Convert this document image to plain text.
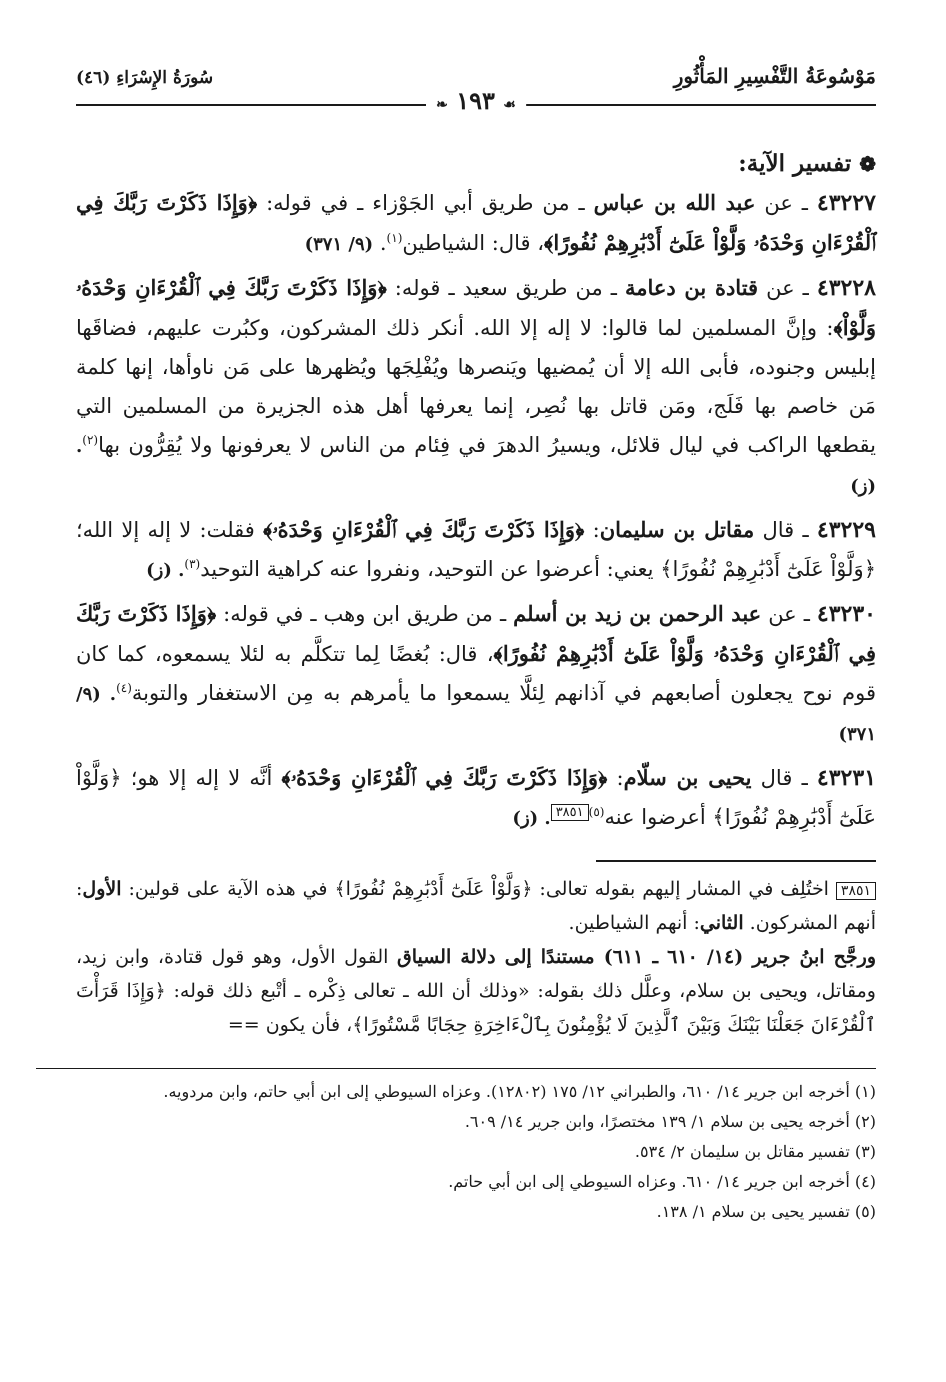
مَوْسُوعَةُ التَّفْسِيرِ المَأْثُورِ
سُورَةُ الإِسْرَاءِ (٤٦)
❧ ١٩٣ ☙
❁تفسير الآية:

٤٣٢٢٧ ـ عن عبد الله بن عباس ـ من طريق أبي الجَوْزاء ـ في قوله: ﴿وَإِذَا ذَكَرْتَ رَبَّكَ فِي ٱلْقُرْءَانِ وَحْدَهُۥ وَلَّوْاْ عَلَىٰٓ أَدْبَٰرِهِمْ نُفُورًا﴾، قال: الشياطين$^{(١)}$. (٩/ ٣٧١)

٤٣٢٢٨ ـ عن قتادة بن دعامة ـ من طريق سعيد ـ قوله: ﴿وَإِذَا ذَكَرْتَ رَبَّكَ فِي ٱلْقُرْءَانِ وَحْدَهُۥ وَلَّوْاْ﴾: وإنَّ المسلمين لما قالوا: لا إله إلا الله. أنكر ذلك المشركون، وكبُرت عليهم، فضاقَها إبليس وجنوده، فأبى الله إلا أن يُمضيها ويَنصرها ويُفْلِجَها ويُظهرها على مَن ناوأها، إنها كلمة مَن خاصم بها فَلَج، ومَن قاتل بها نُصِر، إنما يعرفها أهل هذه الجزيرة من المسلمين التي يقطعها الراكب في ليال قلائل، ويسيرُ الدهرَ في فِئام من الناس لا يعرفونها ولا يُقِرُّون بها$^{(٢)}$. (ز)

٤٣٢٢٩ ـ قال مقاتل بن سليمان: ﴿وَإِذَا ذَكَرْتَ رَبَّكَ فِي ٱلْقُرْءَانِ وَحْدَهُۥ﴾ فقلت: لا إله إلا الله؛ ﴿وَلَّوْاْ عَلَىٰٓ أَدْبَٰرِهِمْ نُفُورًا﴾ يعني: أعرضوا عن التوحيد، ونفروا عنه كراهية التوحيد$^{(٣)}$. (ز)

٤٣٢٣٠ ـ عن عبد الرحمن بن زيد بن أسلم ـ من طريق ابن وهب ـ في قوله: ﴿وَإِذَا ذَكَرْتَ رَبَّكَ فِي ٱلْقُرْءَانِ وَحْدَهُۥ وَلَّوْاْ عَلَىٰٓ أَدْبَٰرِهِمْ نُفُورًا﴾، قال: بُغضًا لِما تتكلَّم به لئلا يسمعوه، كما كان قوم نوح يجعلون أصابعهم في آذانهم لِئلَّا يسمعوا ما يأمرهم به مِن الاستغفار والتوبة$^{(٤)}$. (٩/ ٣٧١)

٤٣٢٣١ ـ قال يحيى بن سلّام: ﴿وَإِذَا ذَكَرْتَ رَبَّكَ فِي ٱلْقُرْءَانِ وَحْدَهُۥ﴾ أنَّه لا إله إلا هو؛ ﴿وَلَّوْاْ عَلَىٰٓ أَدْبَٰرِهِمْ نُفُورًا﴾ أعرضوا عنه$^{(٥)٣٨٥١}$. (ز)

٣٨٥١ اختُلِف في المشار إليهم بقوله تعالى: ﴿وَلَّوْاْ عَلَىٰٓ أَدْبَٰرِهِمْ نُفُورًا﴾ في هذه الآية على قولين: الأول: أنهم المشركون. الثاني: أنهم الشياطين.

ورجَّح ابنُ جرير (١٤/ ٦١٠ ـ ٦١١) مستندًا إلى دلالة السياق القول الأول، وهو قول قتادة، وابن زيد، ومقاتل، ويحيى بن سلام، وعلَّل ذلك بقوله: «وذلك أن الله ـ تعالى ذِكْره ـ أتْبع ذلك قوله: ﴿وَإِذَا قَرَأْتَ ٱلْقُرْءَانَ جَعَلْنَا بَيْنَكَ وَبَيْنَ ٱلَّذِينَ لَا يُؤْمِنُونَ بِٱلْءَاخِرَةِ حِجَابًا مَّسْتُورًا﴾، فأن يكون ==

(١) أخرجه ابن جرير ١٤/ ٦١٠، والطبراني ١٢/ ١٧٥ (١٢٨٠٢). وعزاه السيوطي إلى ابن أبي حاتم، وابن مردويه.

(٢) أخرجه يحيى بن سلام ١/ ١٣٩ مختصرًا، وابن جرير ١٤/ ٦٠٩.

(٣) تفسير مقاتل بن سليمان ٢/ ٥٣٤.

(٤) أخرجه ابن جرير ١٤/ ٦١٠. وعزاه السيوطي إلى ابن أبي حاتم.

(٥) تفسير يحيى بن سلام ١/ ١٣٨.
